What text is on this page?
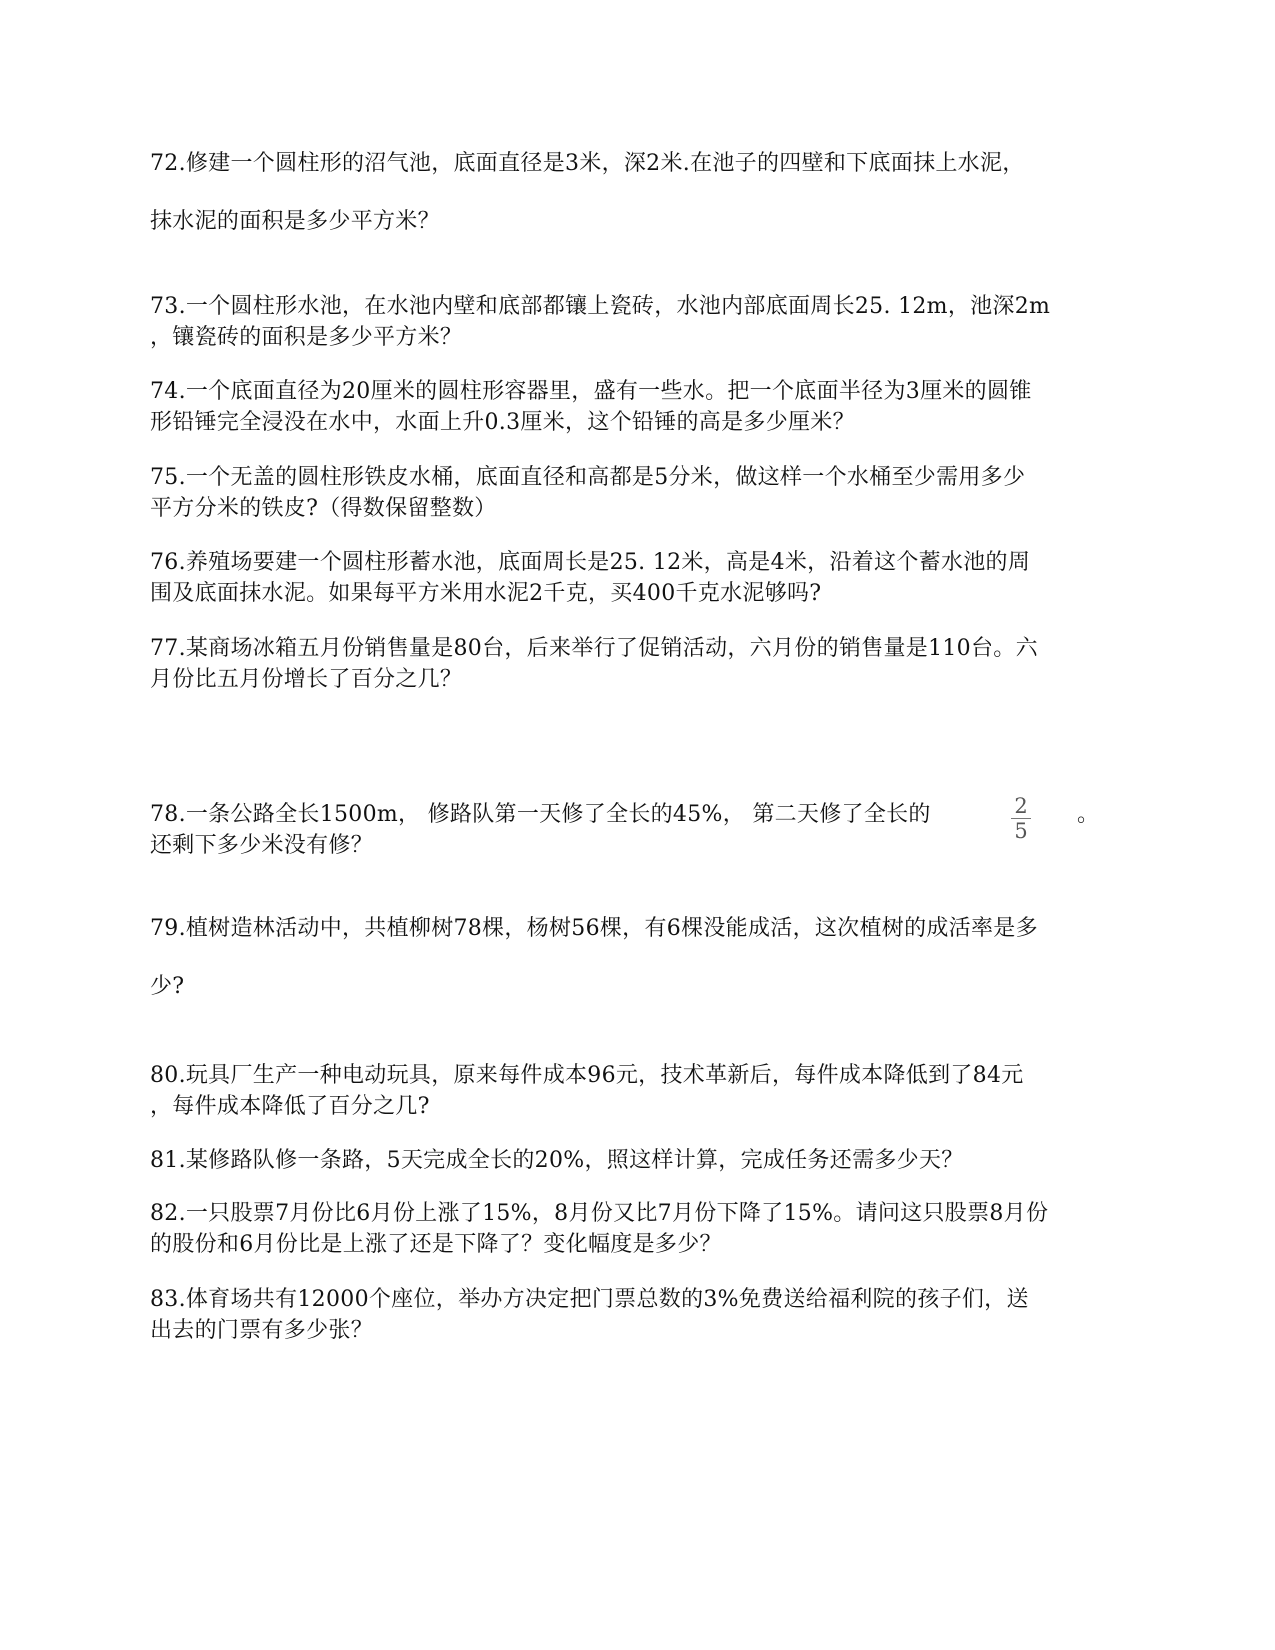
72.修建一个圆柱形的沼气池，底面直径是3米，深2米.在池子的四壁和下底面抹上水泥，
抹水泥的面积是多少平方米？
73.一个圆柱形水池，在水池内壁和底部都镶上瓷砖，水池内部底面周长25. 12m，池深2m
，镶瓷砖的面积是多少平方米？
74.一个底面直径为20厘米的圆柱形容器里，盛有一些水。把一个底面半径为3厘米的圆锥
形铅锤完全浸没在水中，水面上升0.3厘米，这个铅锤的高是多少厘米？
75.一个无盖的圆柱形铁皮水桶，底面直径和高都是5分米，做这样一个水桶至少需用多少
平方分米的铁皮?（得数保留整数）
76.养殖场要建一个圆柱形蓄水池，底面周长是25. 12米，高是4米，沿着这个蓄水池的周
围及底面抹水泥。如果每平方米用水泥2千克，买400千克水泥够吗?
77.某商场冰箱五月份销售量是80台，后来举行了促销活动，六月份的销售量是110台。六
月份比五月份增长了百分之几？
2
5
78.一条公路全长1500m， 修路队第一天修了全长的45%， 第二天修了全长的	。
还剩下多少米没有修？
79.植树造林活动中，共植柳树78棵，杨树56棵，有6棵没能成活，这次植树的成活率是多
少?
80.玩具厂生产一种电动玩具，原来每件成本96元，技术革新后，每件成本降低到了84元
，每件成本降低了百分之几?
81.某修路队修一条路，5天完成全长的20%，照这样计算，完成任务还需多少天？
82.一只股票7月份比6月份上涨了15%，8月份又比7月份下降了15%。请问这只股票8月份
的股份和6月份比是上涨了还是下降了？变化幅度是多少？
83.体育场共有12000个座位，举办方决定把门票总数的3%免费送给福利院的孩子们，送
出去的门票有多少张？
